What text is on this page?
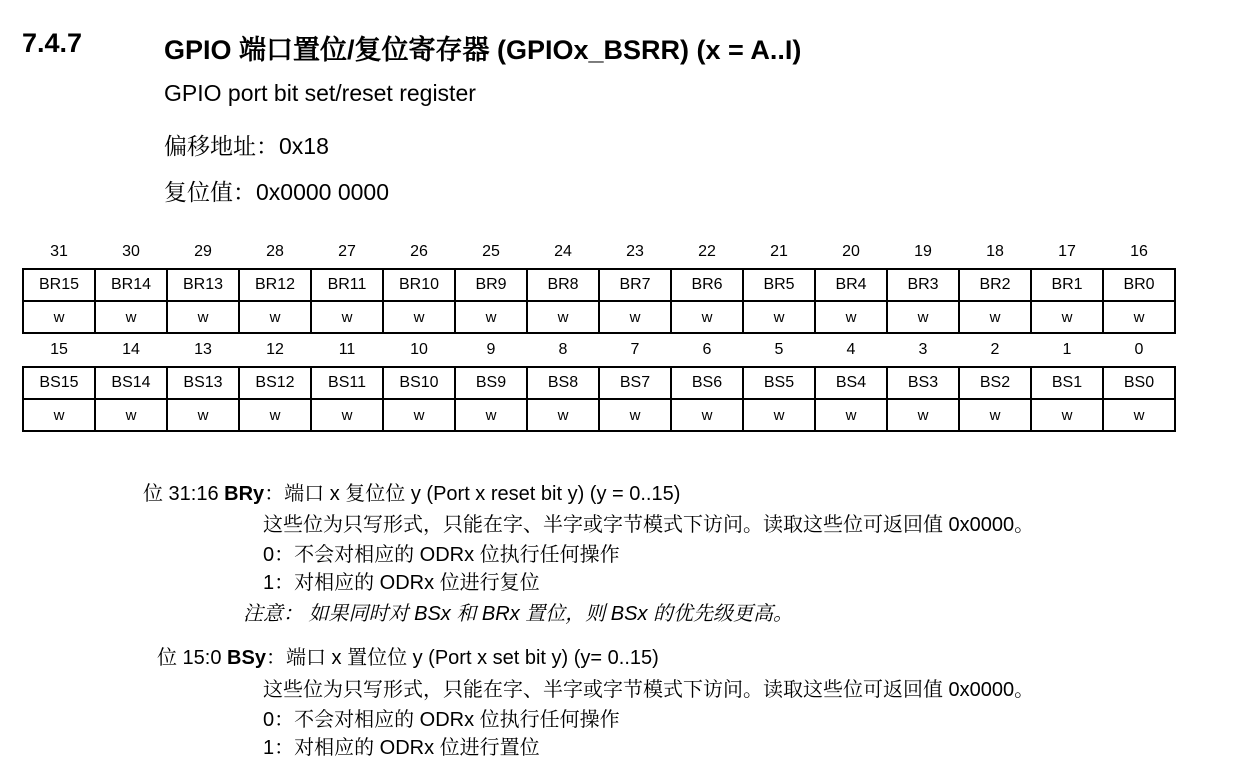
7.4.7	GPIO 端口置位/复位寄存器 (GPIOx_BSRR) (x = A..I)
GPIO port bit set/reset register
偏移地址：0x18
复位值：0x0000 0000
31	30	29	28	27	26	25	24	23	22	21	20	19	18	17	16
BR15	BR14	BR13	BR12	BR11	BR10	BR9	BR8	BR7	BR6	BR5	BR4	BR3	BR2	BR1	BR0
w	w	w	w	w	w	w	w	w	w	w	w	w	w	w	w
15	14	13	12	11	10	9	8	7	6	5	4	3	2	1	0
BS15	BS14	BS13	BS12	BS11	BS10	BS9	BS8	BS7	BS6	BS5	BS4	BS3	BS2	BS1	BS0
w	w	w	w	w	w	w	w	w	w	w	w	w	w	w	w
位 31:16 BRy：端口 x 复位位 y (Port x reset bit y) (y = 0..15)
这些位为只写形式，只能在字、半字或字节模式下访问。读取这些位可返回值 0x0000。
0：不会对相应的 ODRx 位执行任何操作
1：对相应的 ODRx 位进行复位
注意： 如果同时对 BSx 和 BRx 置位，则 BSx 的优先级更高。
位 15:0 BSy：端口 x 置位位 y (Port x set bit y) (y= 0..15)
这些位为只写形式，只能在字、半字或字节模式下访问。读取这些位可返回值 0x0000。
0：不会对相应的 ODRx 位执行任何操作
1：对相应的 ODRx 位进行置位
